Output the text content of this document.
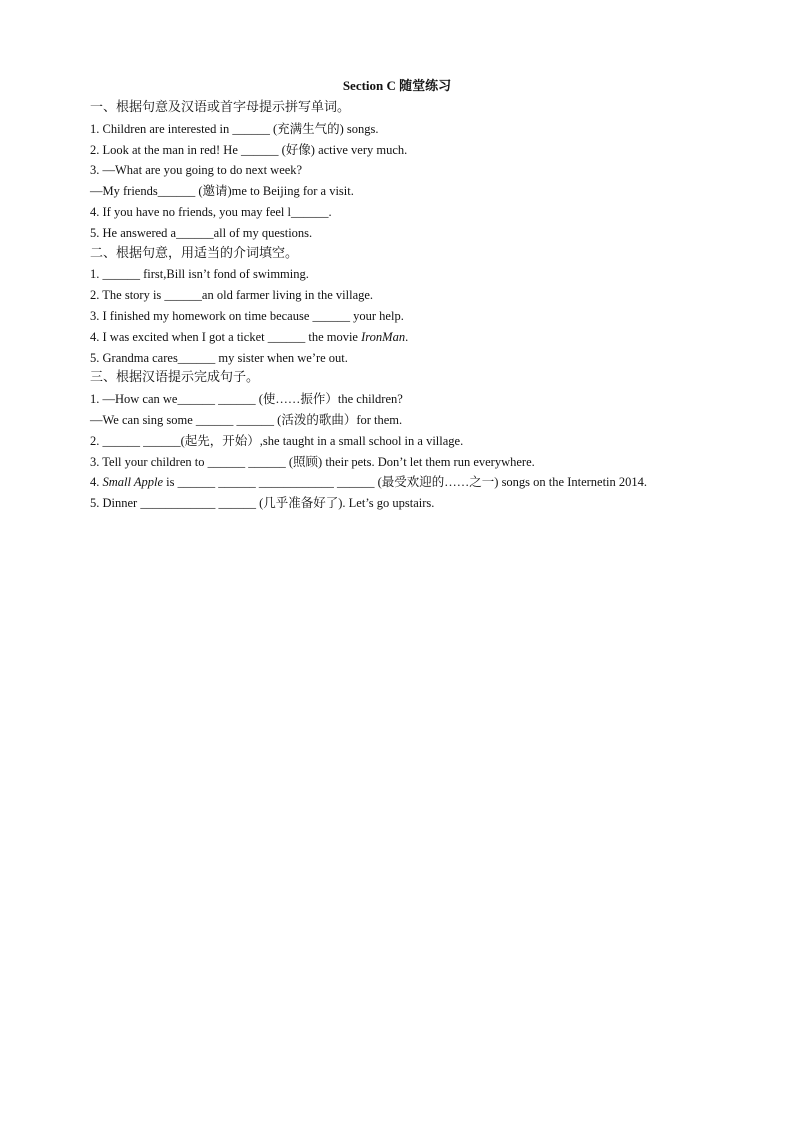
Section C 随堂练习
一、根据句意及汉语或首字母提示拼写单词。
1. Children are interested in ______ (充满生气的) songs.
2. Look at the man in red! He ______ (好像) active very much.
3. —What are you going to do next week?
—My friends______ (邀请)me to Beijing for a visit.
4. If you have no friends, you may feel l______.
5. He answered a______all of my questions.
二、根据句意，用适当的介词填空。
1. ______ first,Bill isn’t fond of swimming.
2. The story is ______an old farmer living in the village.
3. I finished my homework on time because ______ your help.
4. I was excited when I got a ticket ______ the movie IronMan.
5. Grandma cares______ my sister when we’re out.
三、根据汉语提示完成句子。
1. —How can we______ ______ (使……振作）the children?
—We can sing some ______ ______ (活泼的歌曲）for them.
2. ______ ______(起先，开始）,she taught in a small school in a village.
3. Tell your children to ______ ______ (照顾) their pets. Don’t let them run everywhere.
4. Small Apple is ______ ______ ____________ ______ (最受欢迎的……之一) songs on the Internetin 2014.
5. Dinner ____________ ______ (几乎准备好了). Let’s go upstairs.
